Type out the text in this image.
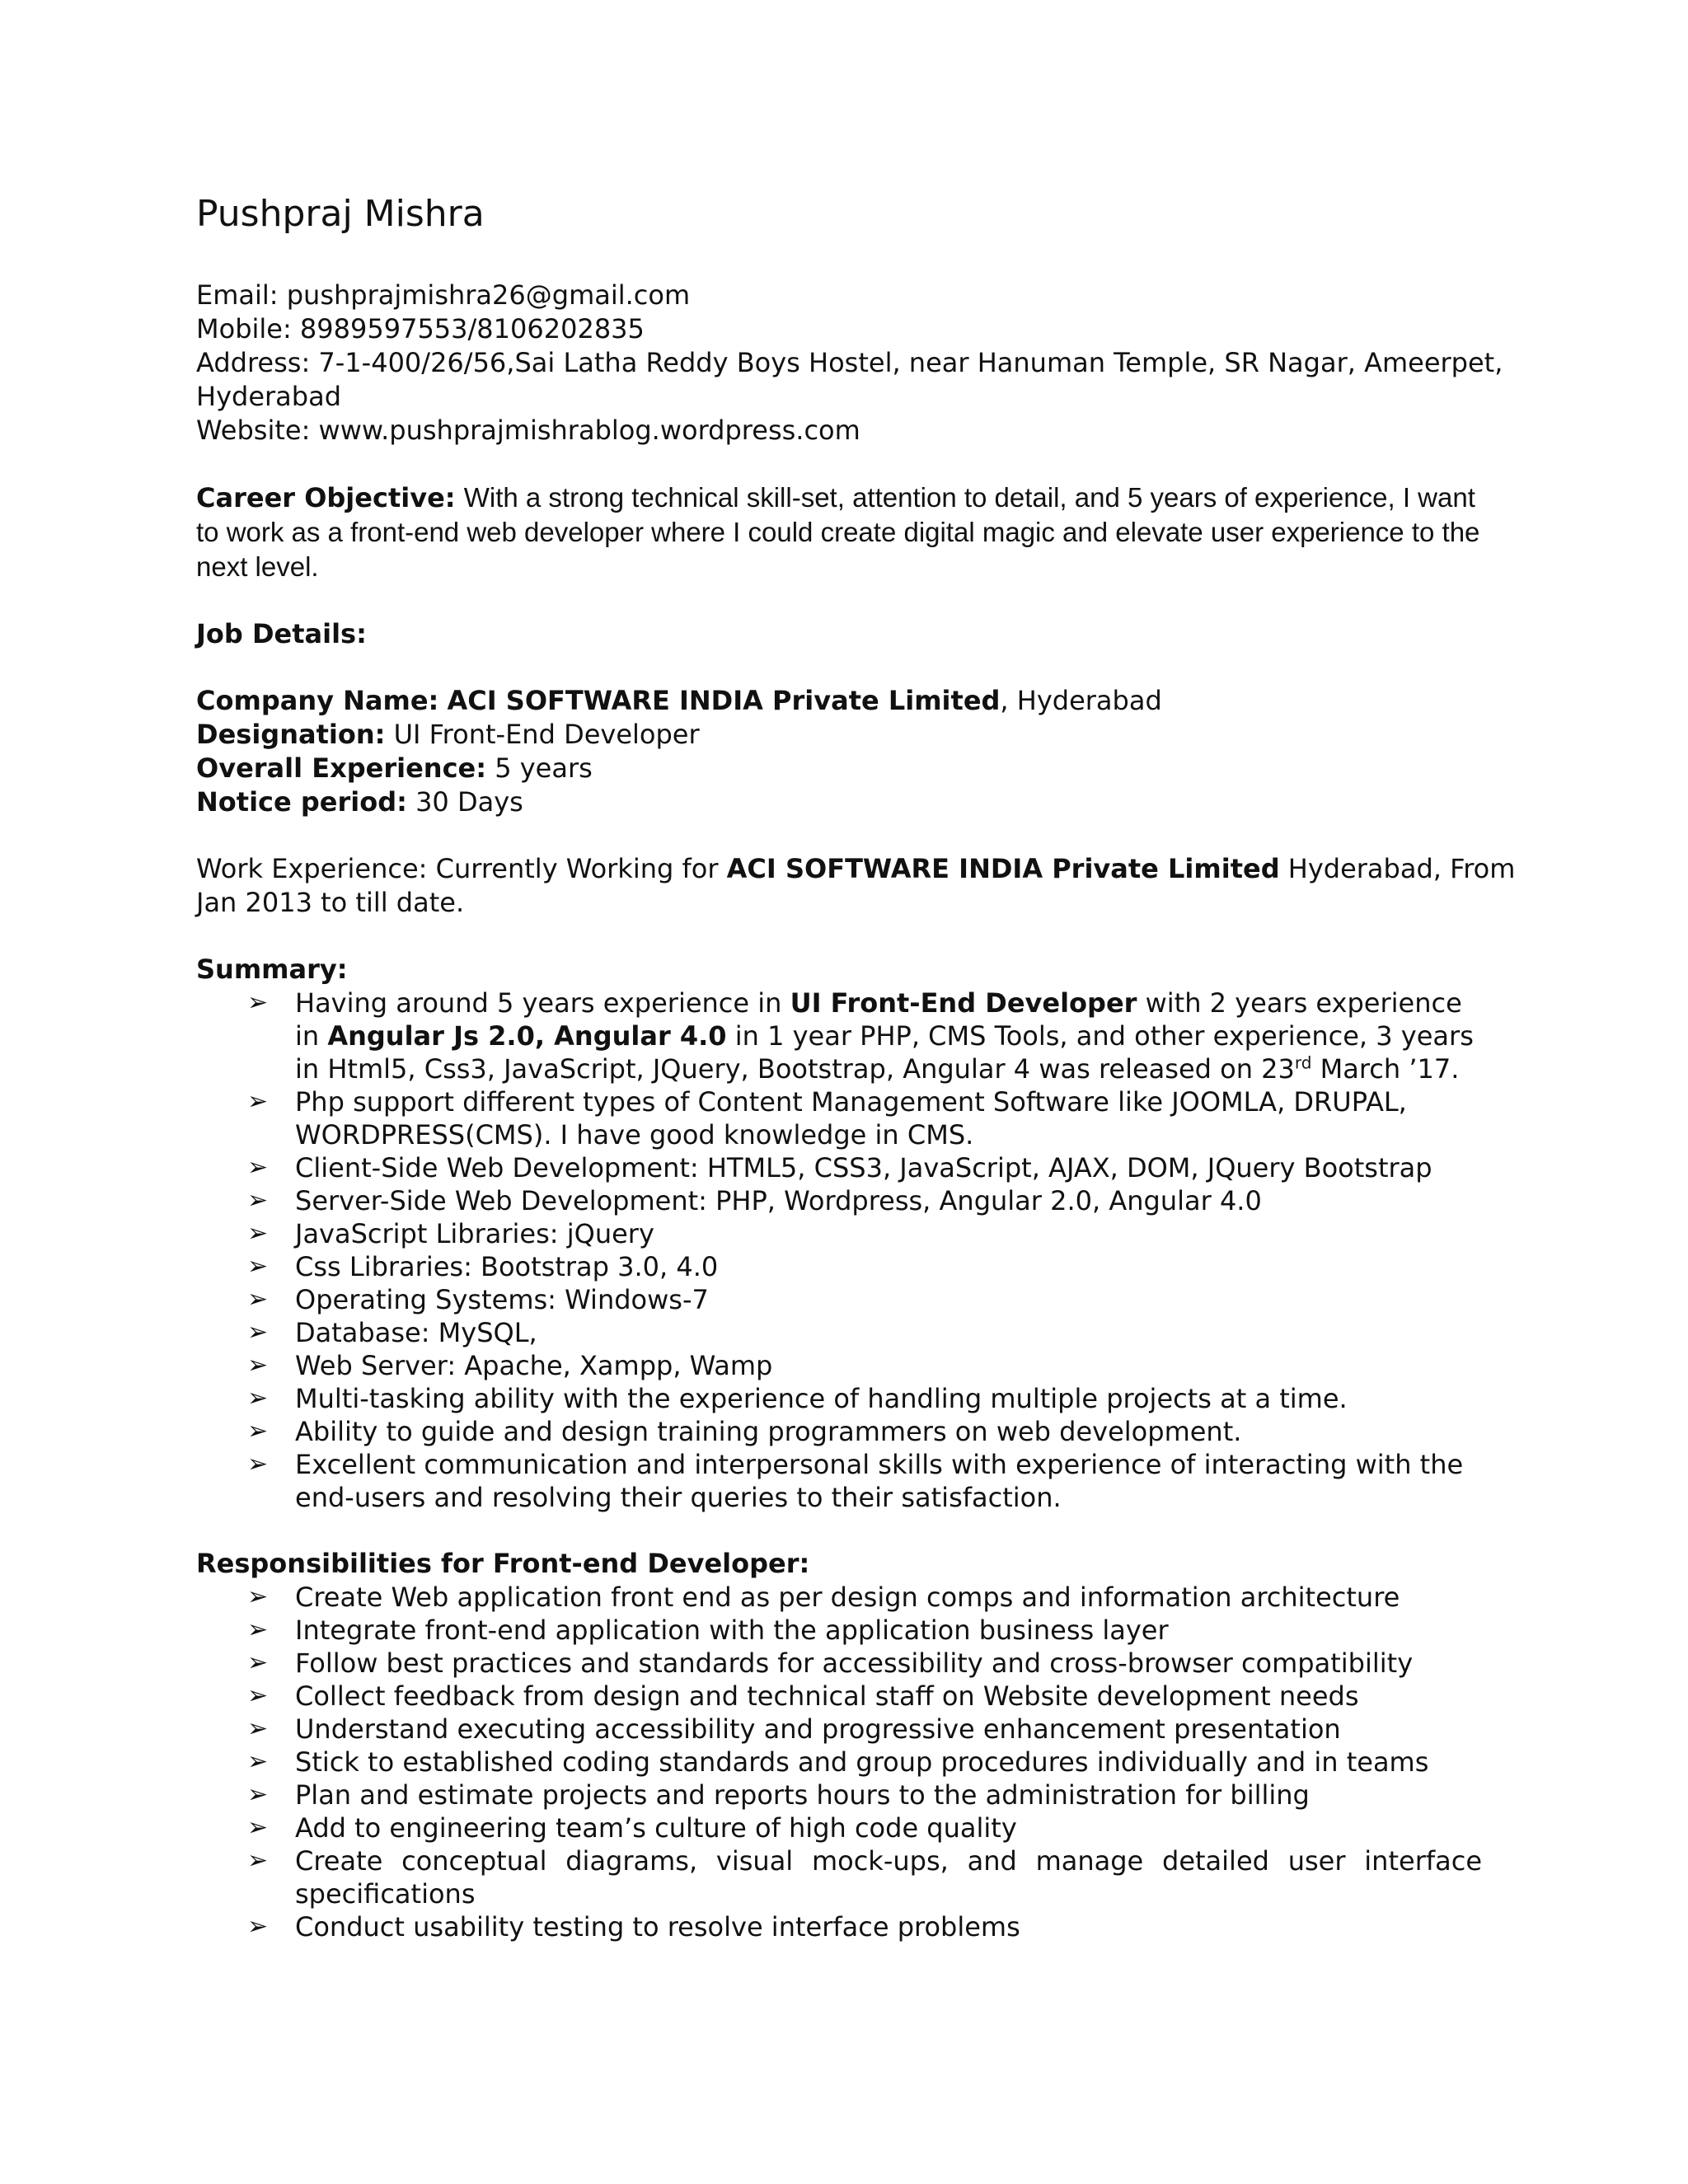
Pushpraj Mishra
Email: pushprajmishra26@gmail.com
Mobile: 8989597553/8106202835
Address: 7-1-400/26/56,Sai Latha Reddy Boys Hostel, near Hanuman Temple, SR Nagar, Ameerpet,
Hyderabad
Website: www.pushprajmishrablog.wordpress.com
Career Objective: With a strong technical skill-set, attention to detail, and 5 years of experience, I want to work as a front-end web developer where I could create digital magic and elevate user experience to the next level.
Job Details:
Company Name: ACI SOFTWARE INDIA Private Limited, Hyderabad
Designation: UI Front-End Developer
Overall Experience: 5 years
Notice period: 30 Days
Work Experience: Currently Working for ACI SOFTWARE INDIA Private Limited Hyderabad, From
Jan 2013 to till date.
Summary:
➢	Having around 5 years experience in UI Front-End Developer with 2 years experience in Angular Js 2.0, Angular 4.0 in 1 year PHP, CMS Tools, and other experience, 3 years in Html5, Css3, JavaScript, JQuery, Bootstrap, Angular 4 was released on 23rd March ’17.
➢	Php support different types of Content Management Software like JOOMLA, DRUPAL, WORDPRESS(CMS). I have good knowledge in CMS.
➢	Client-Side Web Development: HTML5, CSS3, JavaScript, AJAX, DOM, JQuery Bootstrap
➢	Server-Side Web Development: PHP, Wordpress, Angular 2.0, Angular 4.0
➢	JavaScript Libraries: jQuery
➢	Css Libraries: Bootstrap 3.0, 4.0
➢	Operating Systems: Windows-7
➢	Database: MySQL,
➢	Web Server: Apache, Xampp, Wamp
➢	Multi-tasking ability with the experience of handling multiple projects at a time.
➢	Ability to guide and design training programmers on web development.
➢	Excellent communication and interpersonal skills with experience of interacting with the end-users and resolving their queries to their satisfaction.
Responsibilities for Front-end Developer:
➢	Create Web application front end as per design comps and information architecture
➢	Integrate front-end application with the application business layer
➢	Follow best practices and standards for accessibility and cross-browser compatibility
➢	Collect feedback from design and technical staff on Website development needs
➢	Understand executing accessibility and progressive enhancement presentation
➢	Stick to established coding standards and group procedures individually and in teams
➢	Plan and estimate projects and reports hours to the administration for billing
➢	Add to engineering team’s culture of high code quality
➢	Create conceptual diagrams, visual mock-ups, and manage detailed user interface
specifications
➢	Conduct usability testing to resolve interface problems
